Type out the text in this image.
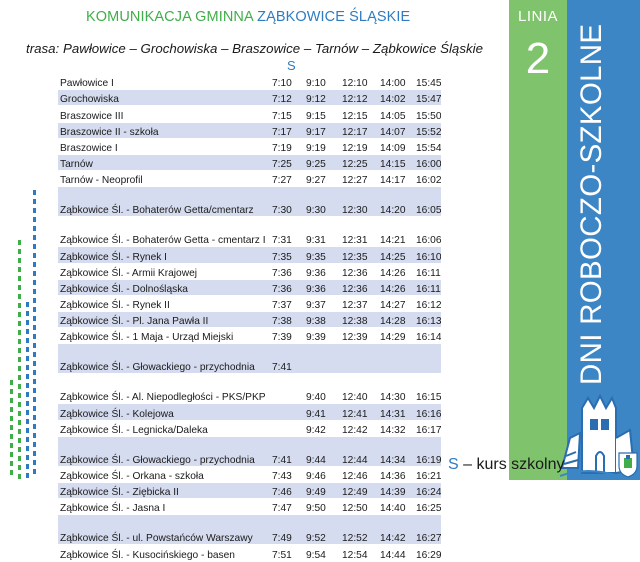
KOMUNIKACJA GMINNA ZĄBKOWICE ŚLĄSKIE
trasa: Pawłowice – Grochowiska – Braszowice – Tarnów – Ząbkowice Śląskie
S
Pawłowice I	7:10	9:10	12:10	14:00	15:45
Grochowiska	7:12	9:12	12:12	14:02	15:47
Braszowice III	7:15	9:15	12:15	14:05	15:50
Braszowice II - szkoła	7:17	9:17	12:17	14:07	15:52
Braszowice I	7:19	9:19	12:19	14:09	15:54
Tarnów	7:25	9:25	12:25	14:15	16:00
Tarnów - Neoprofil	7:27	9:27	12:27	14:17	16:02
Ząbkowice Śl. - Bohaterów Getta/cmentarz	7:30	9:30	12:30	14:20	16:05
Ząbkowice Śl. - Bohaterów Getta - cmentarz I	7:31	9:31	12:31	14:21	16:06
Ząbkowice Śl. - Rynek I	7:35	9:35	12:35	14:25	16:10
Ząbkowice Śl. - Armii Krajowej	7:36	9:36	12:36	14:26	16:11
Ząbkowice Śl. - Dolnośląska	7:36	9:36	12:36	14:26	16:11
Ząbkowice Śl. - Rynek II	7:37	9:37	12:37	14:27	16:12
Ząbkowice Śl. - Pl. Jana Pawła II	7:38	9:38	12:38	14:28	16:13
Ząbkowice Śl. - 1 Maja - Urząd Miejski	7:39	9:39	12:39	14:29	16:14
Ząbkowice Śl. - Głowackiego - przychodnia	7:41				
Ząbkowice Śl. - Al. Niepodległości - PKS/PKP		9:40	12:40	14:30	16:15
Ząbkowice Śl. - Kolejowa		9:41	12:41	14:31	16:16
Ząbkowice Śl. - Legnicka/Daleka		9:42	12:42	14:32	16:17
Ząbkowice Śl. - Głowackiego - przychodnia	7:41	9:44	12:44	14:34	16:19
Ząbkowice Śl. - Orkana - szkoła	7:43	9:46	12:46	14:36	16:21
Ząbkowice Śl. - Ziębicka II	7:46	9:49	12:49	14:39	16:24
Ząbkowice Śl. - Jasna I	7:47	9:50	12:50	14:40	16:25
Ząbkowice Śl. - ul. Powstańców Warszawy	7:49	9:52	12:52	14:42	16:27
Ząbkowice Śl. - Kusocińskiego - basen	7:51	9:54	12:54	14:44	16:29
LINIA
2 DNI ROBOCZO-SZKOLNE
S – kurs szkolny
